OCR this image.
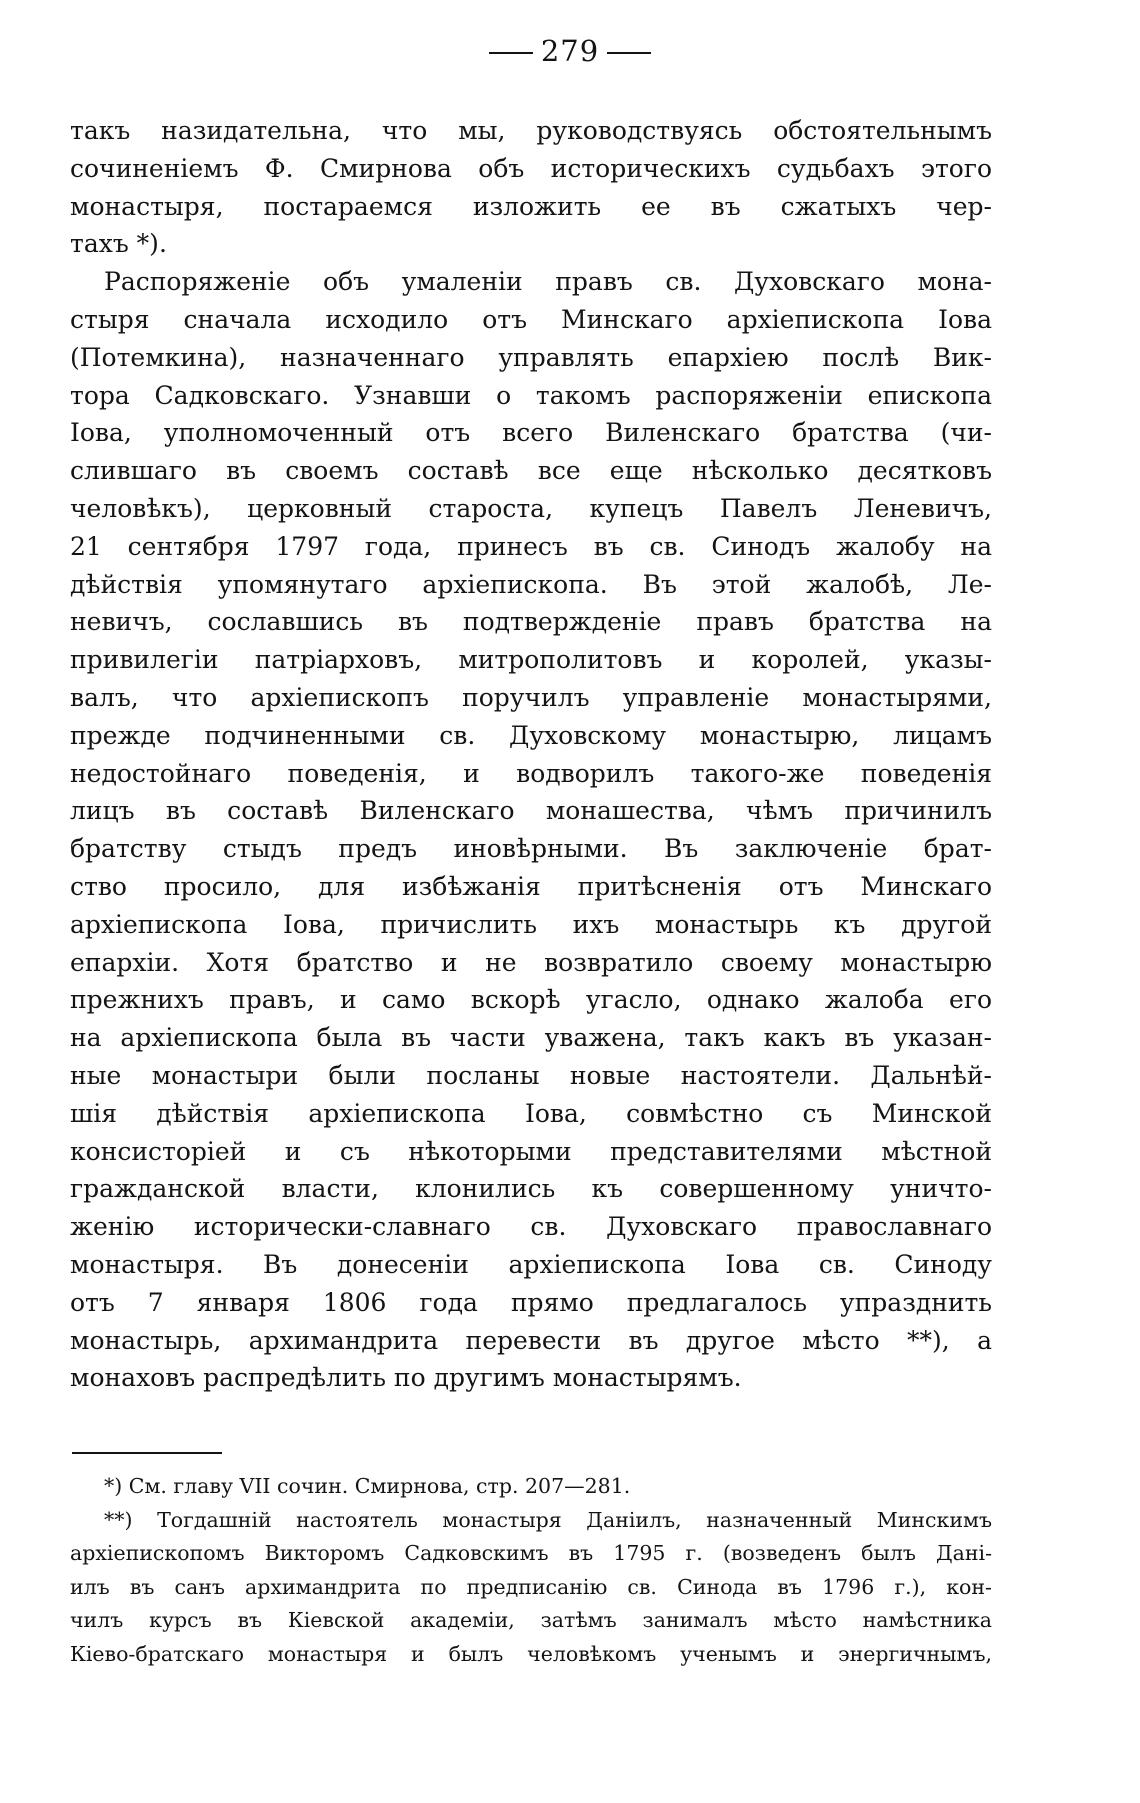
279
такъ назидательна, что мы, руководствуясь обстоятельнымъ
сочиненіемъ Ф. Смирнова объ историческихъ судьбахъ этого
монастыря, постараемся изложить ее въ сжатыхъ чер-
тахъ *).
Распоряженіе объ умаленіи правъ св. Духовскаго мона-
стыря сначала исходило отъ Минскаго архіепископа Іова
(Потемкина), назначеннаго управлять епархіею послѣ Вик-
тора Садковскаго. Узнавши о такомъ распоряженіи епископа
Іова, уполномоченный отъ всего Виленскаго братства (чи-
слившаго въ своемъ составѣ все еще нѣсколько десятковъ
человѣкъ), церковный староста, купецъ Павелъ Леневичъ,
21 сентября 1797 года, принесъ въ св. Синодъ жалобу на
дѣйствія упомянутаго архіепископа. Въ этой жалобѣ, Ле-
невичъ, сославшись въ подтвержденіе правъ братства на
привилегіи патріарховъ, митрополитовъ и королей, указы-
валъ, что архіепископъ поручилъ управленіе монастырями,
прежде подчиненными св. Духовскому монастырю, лицамъ
недостойнаго поведенія, и водворилъ такого-же поведенія
лицъ въ составѣ Виленскаго монашества, чѣмъ причинилъ
братству стыдъ предъ иновѣрными. Въ заключеніе брат-
ство просило, для избѣжанія притѣсненія отъ Минскаго
архіепископа Іова, причислить ихъ монастырь къ другой
епархіи. Хотя братство и не возвратило своему монастырю
прежнихъ правъ, и само вскорѣ угасло, однако жалоба его
на архіепископа была въ части уважена, такъ какъ въ указан-
ные монастыри были посланы новые настоятели. Дальнѣй-
шія дѣйствія архіепископа Іова, совмѣстно съ Минской
консисторіей и съ нѣкоторыми представителями мѣстной
гражданской власти, клонились къ совершенному уничто-
женію исторически-славнаго св. Духовскаго православнаго
монастыря. Въ донесеніи архіепископа Іова св. Синоду
отъ 7 января 1806 года прямо предлагалось упразднить
монастырь, архимандрита перевести въ другое мѣсто **), а
монаховъ распредѣлить по другимъ монастырямъ.
*) См. главу VII сочин. Смирнова, стр. 207—281.
**) Тогдашній настоятель монастыря Даніилъ, назначенный Минскимъ
архіепископомъ Викторомъ Садковскимъ въ 1795 г. (возведенъ былъ Дані-
илъ въ санъ архимандрита по предписанію св. Синода въ 1796 г.), кон-
чилъ курсъ въ Кіевской академіи, затѣмъ занималъ мѣсто намѣстника
Кіево-братскаго монастыря и былъ человѣкомъ ученымъ и энергичнымъ,
